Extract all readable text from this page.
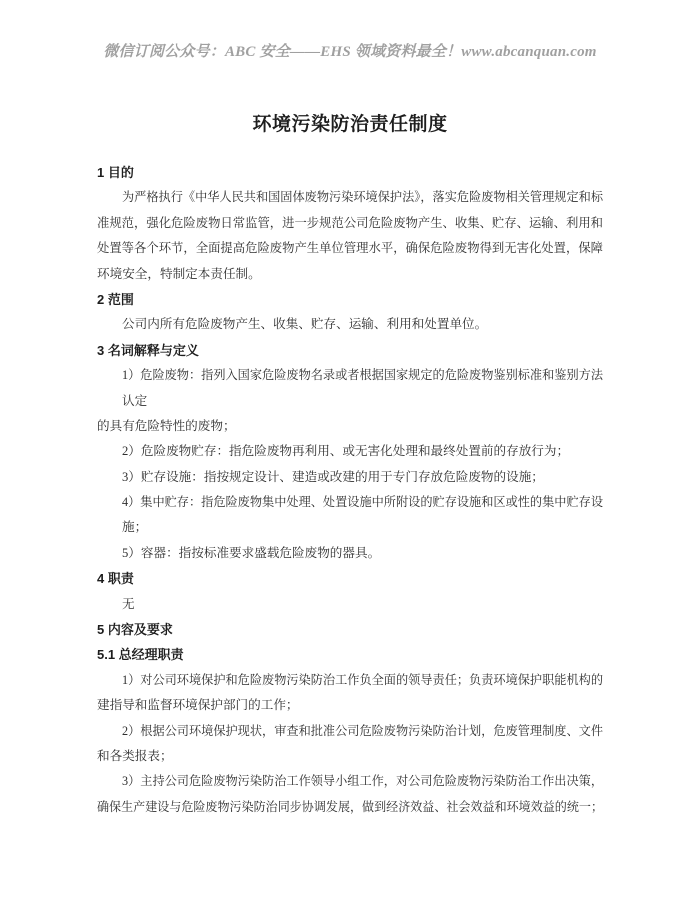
微信订阅公众号：ABC 安全——EHS 领域资料最全！www.abcanquan.com
环境污染防治责任制度
1 目的
为严格执行《中华人民共和国固体废物污染环境保护法》，落实危险废物相关管理规定和标
准规范，强化危险废物日常监管，进一步规范公司危险废物产生、收集、贮存、运输、利用和
处置等各个环节，全面提高危险废物产生单位管理水平，确保危险废物得到无害化处置，保障
环境安全，特制定本责任制。
2 范围
公司内所有危险废物产生、收集、贮存、运输、利用和处置单位。
3 名词解释与定义
1）危险废物：指列入国家危险废物名录或者根据国家规定的危险废物鉴别标准和鉴别方法
认定
的具有危险特性的废物；
2）危险废物贮存：指危险废物再利用、或无害化处理和最终处置前的存放行为；
3）贮存设施：指按规定设计、建造或改建的用于专门存放危险废物的设施；
4）集中贮存：指危险废物集中处理、处置设施中所附设的贮存设施和区或性的集中贮存设
施；
5）容器：指按标准要求盛载危险废物的器具。
4 职责
无
5 内容及要求
5.1 总经理职责
1）对公司环境保护和危险废物污染防治工作负全面的领导责任；负责环境保护职能机构的
建指导和监督环境保护部门的工作；
2）根据公司环境保护现状，审查和批准公司危险废物污染防治计划，危废管理制度、文件
和各类报表；
3）主持公司危险废物污染防治工作领导小组工作，对公司危险废物污染防治工作出决策，
确保生产建设与危险废物污染防治同步协调发展，做到经济效益、社会效益和环境效益的统一；
